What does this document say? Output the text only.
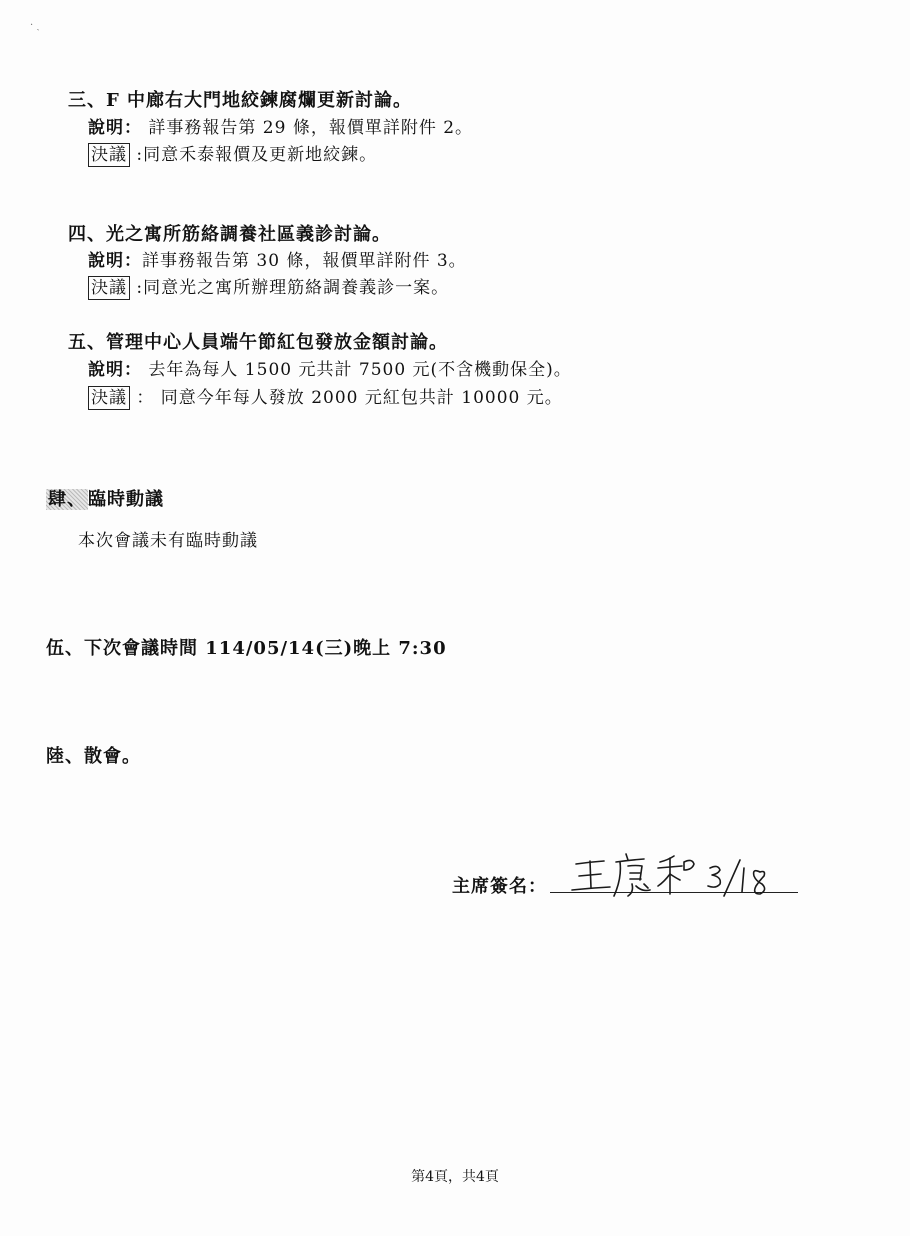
· ˎ
三、F 中廊右大門地絞鍊腐爛更新討論。
說明： 詳事務報告第 29 條，報價單詳附件 2。
決議 :同意禾泰報價及更新地絞鍊。
四、光之寓所筋絡調養社區義診討論。
說明：詳事務報告第 30 條，報價單詳附件 3。
決議 :同意光之寓所辦理筋絡調養義診一案。
五、管理中心人員端午節紅包發放金額討論。
說明： 去年為每人 1500 元共計 7500 元(不含機動保全)。
決議 ： 同意今年每人發放 2000 元紅包共計 10000 元。
肆、 臨時動議
本次會議未有臨時動議
伍、下次會議時間 114/05/14(三)晚上 7:30
陸、散會。
主席簽名：
第4頁，共4頁
